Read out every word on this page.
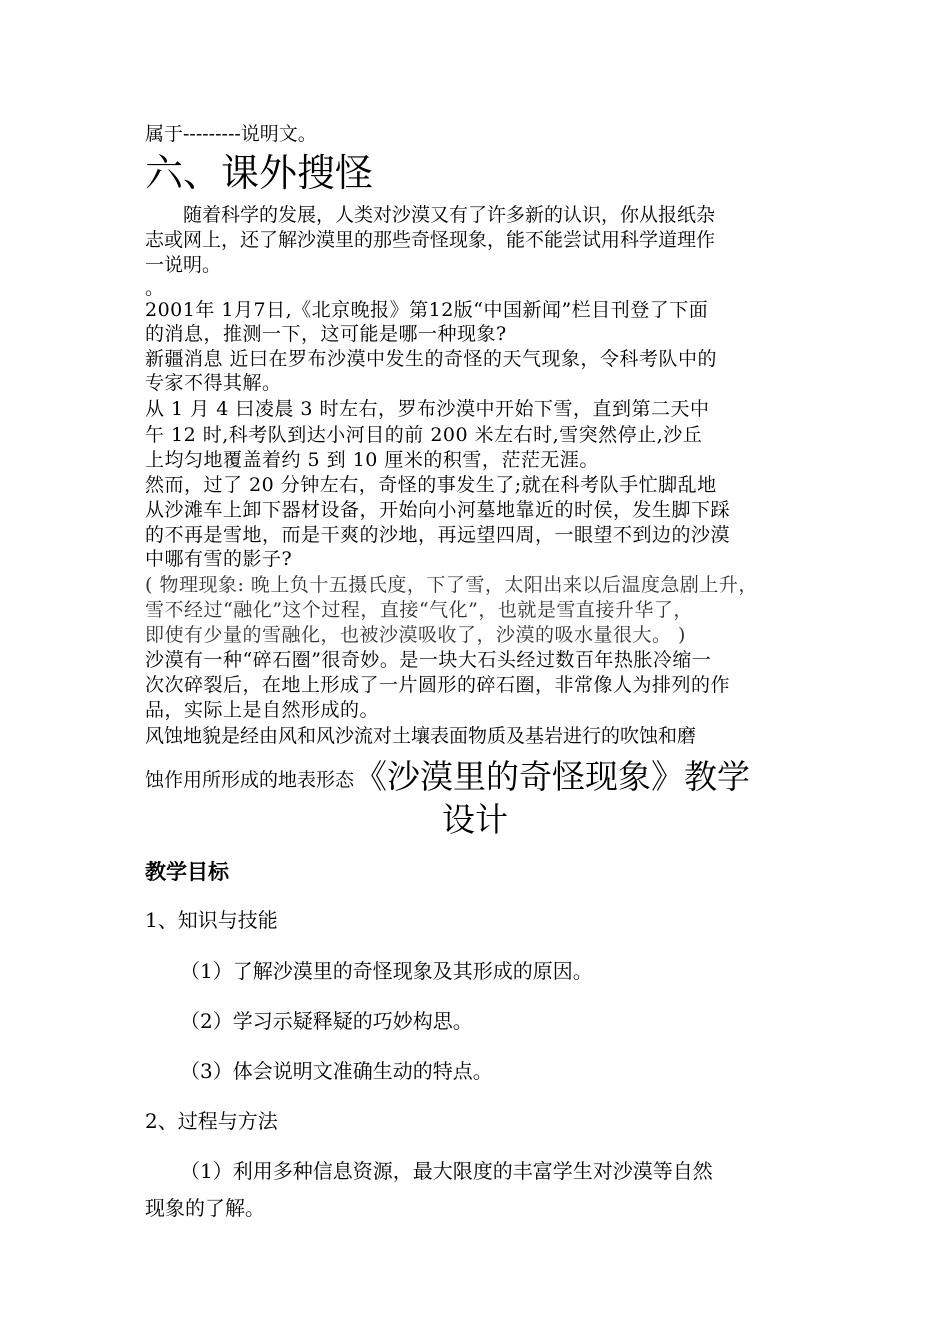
属于---------说明文。
六、课外搜怪
　　随着科学的发展，人类对沙漠又有了许多新的认识，你从报纸杂
志或网上，还了解沙漠里的那些奇怪现象，能不能尝试用科学道理作
一说明。
。
2001年 1月7日,《北京晚报》第12版“中国新闻”栏目刊登了下面
的消息，推测一下，这可能是哪一种现象?
新疆消息 近曰在罗布沙漠中发生的奇怪的天气现象，令科考队中的
专家不得其解。
从 1 月 4 曰凌晨 3 时左右，罗布沙漠中开始下雪，直到第二天中
午 12 时,科考队到达小河目的前 200 米左右时,雪突然停止,沙丘
上均匀地覆盖着约 5 到 10 厘米的积雪，茫茫无涯。
然而，过了 20 分钟左右，奇怪的事发生了;就在科考队手忙脚乱地
从沙滩车上卸下器材设备，开始向小河墓地靠近的时侯，发生脚下踩
的不再是雪地，而是干爽的沙地，再远望四周，一眼望不到边的沙漠
中哪有雪的影子?
( 物理现象: 晚上负十五摄氏度，下了雪，太阳出来以后温度急剧上升，
雪不经过“融化”这个过程，直接“气化”，也就是雪直接升华了，
即使有少量的雪融化，也被沙漠吸收了，沙漠的吸水量很大。 )
沙漠有一种“碎石圈”很奇妙。是一块大石头经过数百年热胀冷缩一
次次碎裂后，在地上形成了一片圆形的碎石圈，非常像人为排列的作
品，实际上是自然形成的。
风蚀地貌是经由风和风沙流对土壤表面物质及基岩进行的吹蚀和磨
蚀作用所形成的地表形态《沙漠里的奇怪现象》教学
设计
教学目标
1、知识与技能
（1）了解沙漠里的奇怪现象及其形成的原因。
（2）学习示疑释疑的巧妙构思。
（3）体会说明文准确生动的特点。
2、过程与方法
（1）利用多种信息资源，最大限度的丰富学生对沙漠等自然
现象的了解。
